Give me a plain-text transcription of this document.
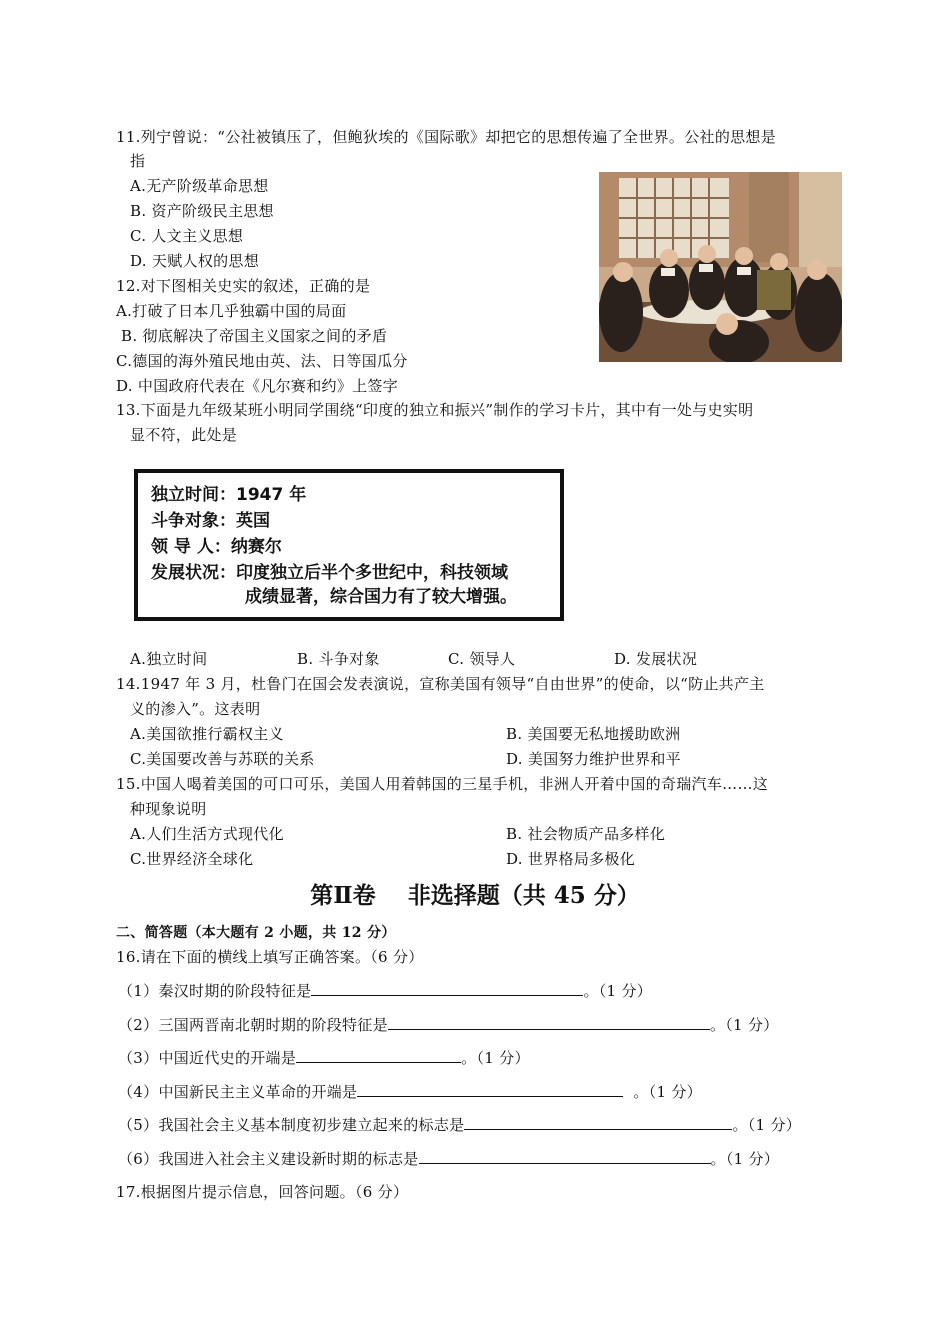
11.列宁曾说：“公社被镇压了，但鲍狄埃的《国际歌》却把它的思想传遍了全世界。公社的思想是
指
A.无产阶级革命思想
B. 资产阶级民主思想
C. 人文主义思想
D. 天赋人权的思想
12.对下图相关史实的叙述，正确的是
A.打破了日本几乎独霸中国的局面
B. 彻底解决了帝国主义国家之间的矛盾
C.德国的海外殖民地由英、法、日等国瓜分
D. 中国政府代表在《凡尔赛和约》上签字
13.下面是九年级某班小明同学围绕“印度的独立和振兴”制作的学习卡片，其中有一处与史实明
显不符，此处是
独立时间：1947 年
斗争对象：英国
领 导 人：纳赛尔
发展状况：印度独立后半个多世纪中，科技领域
成绩显著，综合国力有了较大增强。
A.独立时间	B. 斗争对象	C. 领导人	D. 发展状况
14.1947 年 3 月，杜鲁门在国会发表演说，宣称美国有领导“自由世界”的使命，以“防止共产主
义的渗入”。这表明
A.美国欲推行霸权主义	B. 美国要无私地援助欧洲
C.美国要改善与苏联的关系	D. 美国努力维护世界和平
15.中国人喝着美国的可口可乐，美国人用着韩国的三星手机，非洲人开着中国的奇瑞汽车……这
种现象说明
A.人们生活方式现代化	B. 社会物质产品多样化
C.世界经济全球化	D. 世界格局多极化
第Ⅱ卷    非选择题（共 45 分）
二、简答题（本大题有 2 小题，共 12 分）
16.请在下面的横线上填写正确答案。（6 分）
（1）秦汉时期的阶段特征是	。（1 分）
（2）三国两晋南北朝时期的阶段特征是	。（1 分）
（3）中国近代史的开端是	。（1 分）
（4）中国新民主主义革命的开端是	。（1 分）
（5）我国社会主义基本制度初步建立起来的标志是	。（1 分）
（6）我国进入社会主义建设新时期的标志是	。（1 分）
17.根据图片提示信息，回答问题。（6 分）
